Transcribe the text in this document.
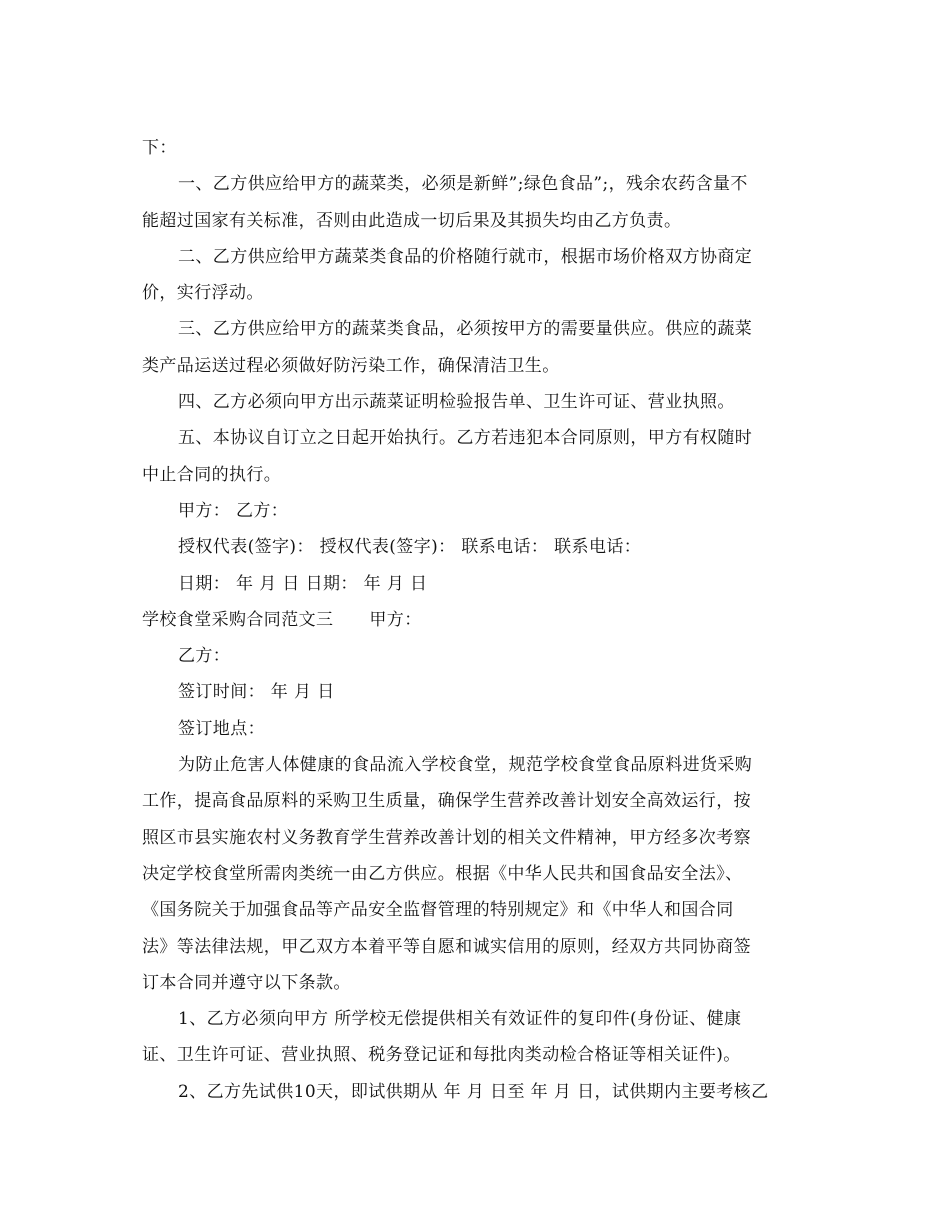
下：
一、乙方供应给甲方的蔬菜类，必须是新鲜”;绿色食品”;，残余农药含量不
能超过国家有关标准，否则由此造成一切后果及其损失均由乙方负责。
二、乙方供应给甲方蔬菜类食品的价格随行就市，根据市场价格双方协商定
价，实行浮动。
三、乙方供应给甲方的蔬菜类食品，必须按甲方的需要量供应。供应的蔬菜
类产品运送过程必须做好防污染工作，确保清洁卫生。
四、乙方必须向甲方出示蔬菜证明检验报告单、卫生许可证、营业执照。
五、本协议自订立之日起开始执行。乙方若违犯本合同原则，甲方有权随时
中止合同的执行。
甲方： 乙方：
授权代表(签字)： 授权代表(签字)： 联系电话： 联系电话：
日期： 年 月 日 日期： 年 月 日
学校食堂采购合同范文三 甲方：
乙方：
签订时间： 年 月 日
签订地点：
为防止危害人体健康的食品流入学校食堂，规范学校食堂食品原料进货采购
工作，提高食品原料的采购卫生质量，确保学生营养改善计划安全高效运行，按
照区市县实施农村义务教育学生营养改善计划的相关文件精神，甲方经多次考察
决定学校食堂所需肉类统一由乙方供应。根据《中华人民共和国食品安全法》、
《国务院关于加强食品等产品安全监督管理的特别规定》和《中华人和国合同
法》等法律法规，甲乙双方本着平等自愿和诚实信用的原则，经双方共同协商签
订本合同并遵守以下条款。
1、乙方必须向甲方 所学校无偿提供相关有效证件的复印件(身份证、健康
证、卫生许可证、营业执照、税务登记证和每批肉类动检合格证等相关证件)。
2、乙方先试供10天，即试供期从 年 月 日至 年 月 日，试供期内主要考核乙
